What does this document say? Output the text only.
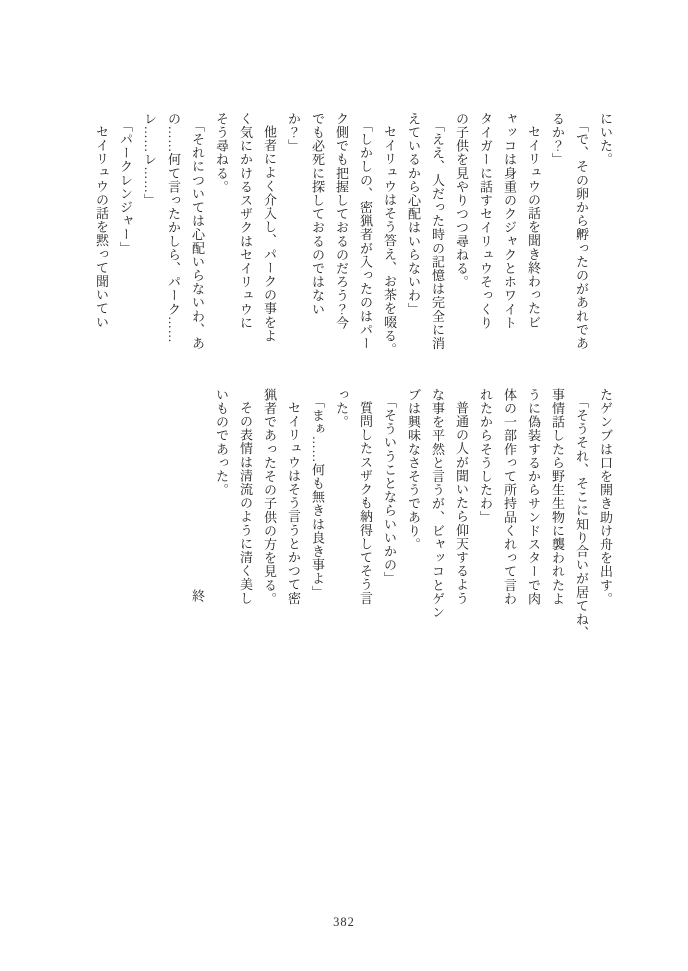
にいた。
「で、その卵から孵ったのがあれであ
るか？」
セイリュウの話を聞き終わったビ
ャッコは身重のクジャクとホワイト
タイガーに話すセイリュウそっくり
の子供を見やりつつ尋ねる。
「ええ、人だった時の記憶は完全に消
えているから心配はいらないわ」
セイリュウはそう答え、お茶を啜る。
「しかしの、密猟者が入ったのはパー
ク側でも把握しておるのだろう？今
でも必死に探しておるのではない
か？」
他者によく介入し、パークの事をよ
く気にかけるスザクはセイリュウに
そう尋ねる。
「それについては心配いらないわ、あ
の……何て言ったかしら、パーク……
レ……レ……」
「パークレンジャー」
セイリュウの話を黙って聞いてい
たゲンブは口を開き助け舟を出す。
「そうそれ、そこに知り合いが居てね、
事情話したら野生生物に襲われたよ
うに偽装するからサンドスターで肉
体の一部作って所持品くれって言わ
れたからそうしたわ」
普通の人が聞いたら仰天するよう
な事を平然と言うが、ビャッコとゲン
ブは興味なさそうであり。
「そういうことならいいかの」
質問したスザクも納得してそう言
った。
「まぁ……何も無きは良き事よ」
セイリュウはそう言うとかつて密
猟者であったその子供の方を見る。
その表情は清流のように清く美し
いものであった。
終
382
